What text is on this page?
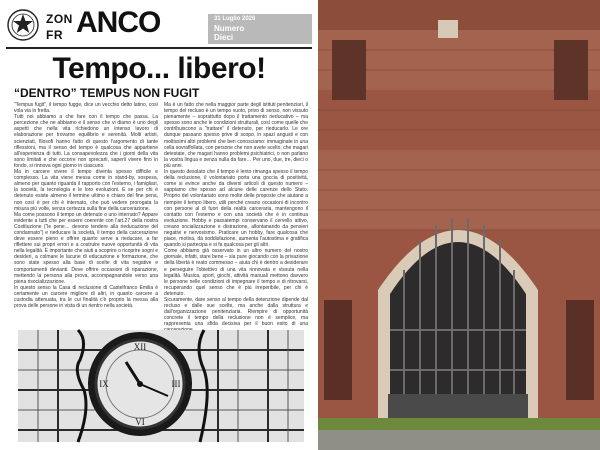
ZON
FR ANCO	31 Luglio 2026
Numero
Dieci
Tempo... libero!
“DENTRO” TEMPUS NON FUGIT

“Tempus fugit”, il tempo fugge, dice un vecchio detto latino, così vola via in fretta.

Tutti noi abbiamo a che fare con il tempo che passa. La percezione che ne abbiamo e il senso che vi diamo è uno degli aspetti che nella vita richiedono un intenso lavoro di elaborazione per trovarne equilibrio e serenità. Molti artisti, scienziati, filosofi hanno fatto di questo l'argomento di tante riflessioni, ma il senso del tempo è qualcosa che appartiene all'esperienza di tutti. La consapevolezza che i giorni della vita sono limitati e che occorre non sprecarli, saperli vivere fino in fondo, si rinnova ogni giorno in ciascuno.

Ma in carcere vivere il tempo diventa spesso difficile e complesso. La vita viene messa come in stand-by, sospesa, almeno per quanto riguarda il rapporto con l'esterno, i famigliari, la società, la tecnologia e le loro evoluzioni. E se per chi è detenuto esiste almeno il termine ultimo e chiaro del fine pena, non così è per chi è internato, che può vedere prorogata la misura più volte, senza certezza sulla fine della carcerazione.

Ma come possono il tempo un detenuto o uno internato? Appare evidente a tutti che per essere coerente con l'art.27 della nostra Costituzione (“le pene… devono tendere alla rieducazione del condannato”) e rieducare la società, il tempo della carcerazione deve essere pieno e offrire quanto serve a rieducare, a far riflettere sui propri errori e a costruire nuove opportunità di vita nella legalità. È importante che aiuti a scoprire o ricoprire sogni e desideri, a colmare le lacune di educazione e formazione, che sono state spesso alla base di scelte di vita negative e comportamenti devianti. Deve offrire occasioni di riparazione, mettendo la persona alla prova, accompagnandole verso una piena risocializzazione.

In questo senso la Casa di reclusione di Castelfranco Emilia è certamente un carcere migliore di altri, in quanto carcere a custodia attenuata, tra le cui finalità c'è proprio la messa alla prova delle persone in vista di un rientro nella società.

Ma è un fatto che nella maggior parte degli istituti penitenziari, il tempo del recluso è un tempo vuoto, privo di senso, non vissuto pienamente – soprattutto dopo il trattamento rieducativo – ma spesso sono anche le condizioni strutturali, così come quelle che contribuiscono a “trattare” il detenuto, per rieducarlo. Le ore dunque passano spesso prive di scopo, in spazi angusti e con moltissimi altri problemi che ben conosciamo: immaginate in una cella sovraffollata, con persone che non avete scelto, che magari detestate, che magari hanno problemi psichiatrici, o non parlano la vostra lingua e senza nulla da fare… Per uno, due, tre, dieci o più anni.

In questo desolato che il tempo è lento rimanga spesso il tempo della reclusione, il volontariato porta una goccia di positività, come si evince anche da diversi articoli di questo numero – sappiamo che spesso ad alcune delle carenze dello Stato. Proprio del volontariato sono molte delle proposte che aiutano a riempire il tempo libero, utili perché creano occasioni di incontro con persone al di fuori della realtà carceraria, mantengono il contatto con l'esterno e con una società che è in continua evoluzione. Hobby e passatempi conservano il cervello attivo, creano socializzazione e distrazione, allontanando da pensieri negativi e nervosismo. Praticare un hobby, fare qualcosa che piace, motiva, dà soddisfazione, aumenta l'autostima e gratifica quando si partecipa e si fa qualcosa per gli altri.

Come abbiamo già osservato in un altro numero del nostro giornale, infatti, stare bene – sia pure giocando con la privazione della libertà è reato commesso – aiuta chi è dentro a desiderare e perseguire l'obiettivo di una vita rinnovata e vissuta nella legalità. Musica, sport, giochi, attività manuali mettono davvero le persone nelle condizioni di impegnare il tempo e di ritrovarsi, recuperando quel senso che è più irreperibile, per chi è detenuto.

Sicuramente, dare senso al tempo della detenzione dipende dal recluso e dalle sue scelte, ma anche dalla struttura e dall'organizzazione penitenziaria. Riempire di opportunità concrete il tempo della reclusione non è semplice, ma rappresenta una sfida decisiva per il buon esito di una

XII
III
VI
IX
